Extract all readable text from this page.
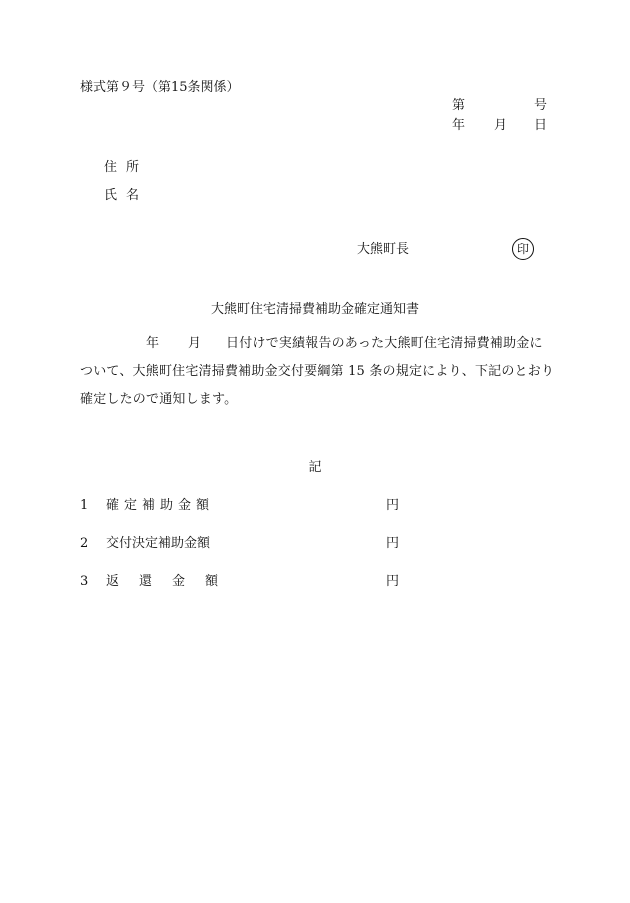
様式第９号（第15条関係）
第	号
年 月 日
住所
氏名
大熊町長	印
大熊町住宅清掃費補助金確定通知書
年 月 日付けで実績報告のあった大熊町住宅清掃費補助金に
ついて、大熊町住宅清掃費補助金交付要綱第 15 条の規定により、下記のとおり
確定したので通知します。
記
1 確定補助金額	円
2 交付決定補助金額	円
3 返還金額	円
